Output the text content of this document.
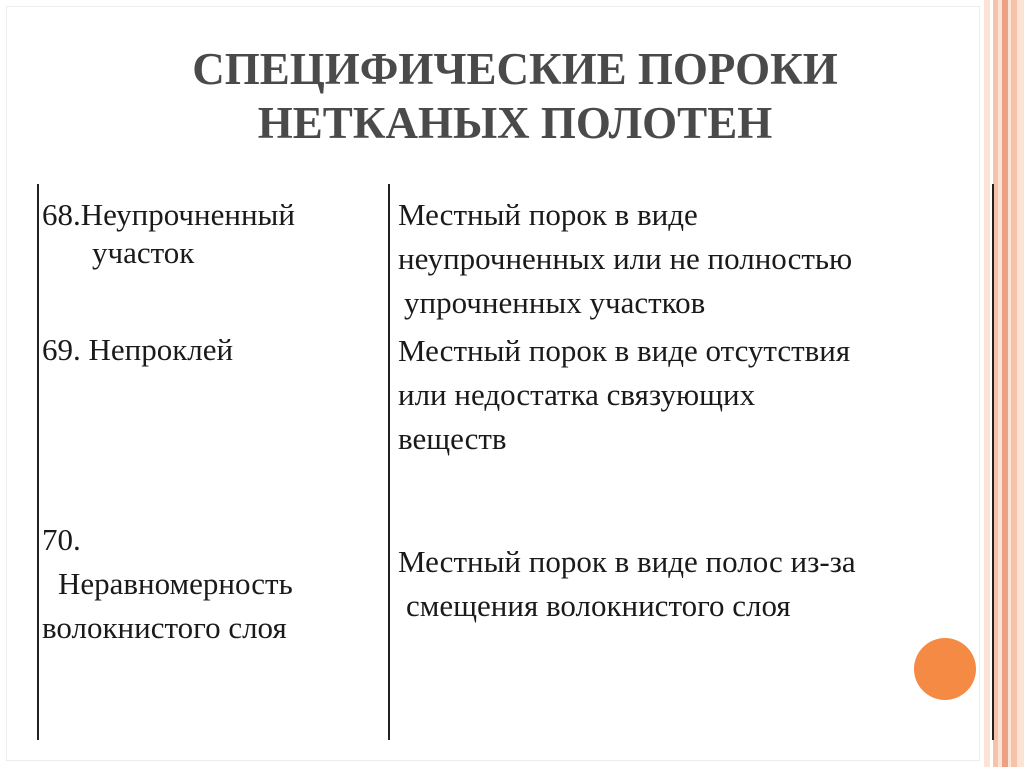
СПЕЦИФИЧЕСКИЕ ПОРОКИ
НЕТКАНЫХ ПОЛОТЕН
68.Неупрочненный
участок
Местный порок в виде
неупрочненных или не полностью
упрочненных участков
69. Непроклей	Местный порок в виде отсутствия
или недостатка связующих
веществ
70.
Неравномерность
волокнистого слоя
Местный порок в виде полос из-за
смещения волокнистого слоя
